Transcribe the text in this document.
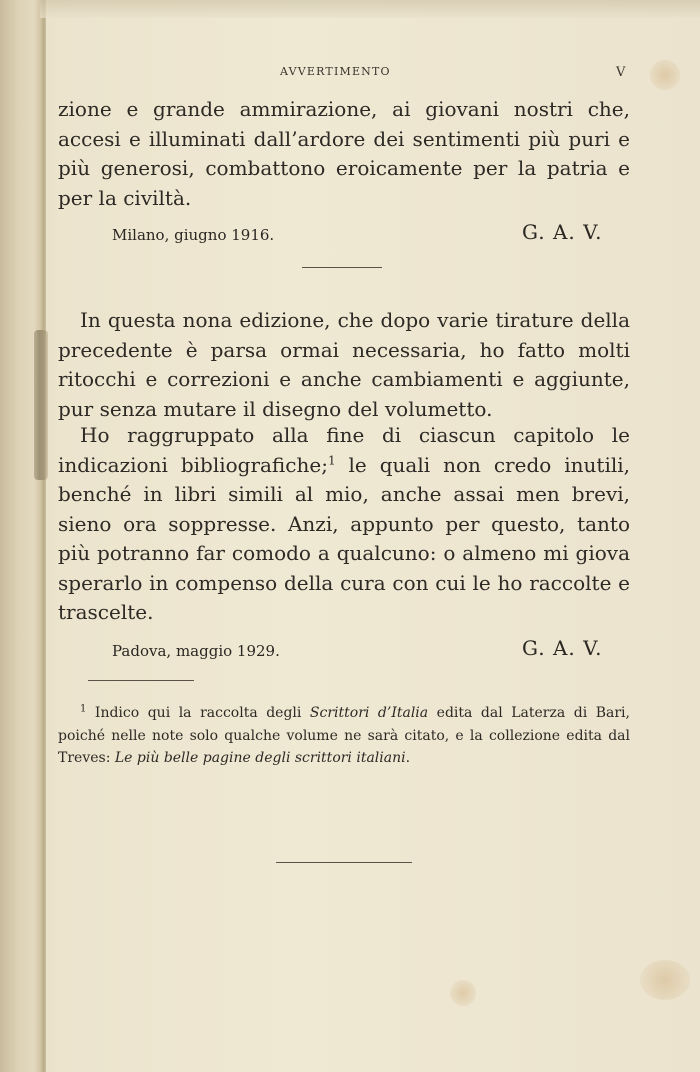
AVVERTIMENTO	V

zione e grande ammirazione, ai giovani nostri che, accesi e illuminati dall’ardore dei sentimenti più puri e più generosi, combattono eroicamente per la patria e per la civiltà.

Milano, giugno 1916.	G. A. V.

In questa nona edizione, che dopo varie tirature della precedente è parsa ormai necessaria, ho fatto molti ritocchi e correzioni e anche cambiamenti e aggiunte, pur senza mutare il disegno del volumetto.

Ho raggruppato alla fine di ciascun capitolo le indicazioni bibliografiche;$^1$ le quali non credo inutili, benché in libri simili al mio, anche assai men brevi, sieno ora soppresse. Anzi, appunto per questo, tanto più potranno far comodo a qualcuno: o almeno mi giova sperarlo in compenso della cura con cui le ho raccolte e trascelte.

Padova, maggio 1929.	G. A. V.

$^1$ Indico qui la raccolta degli Scrittori d’Italia edita dal Laterza di Bari, poiché nelle note solo qualche volume ne sarà citato, e la collezione edita dal Treves: Le più belle pagine degli scrittori italiani.
